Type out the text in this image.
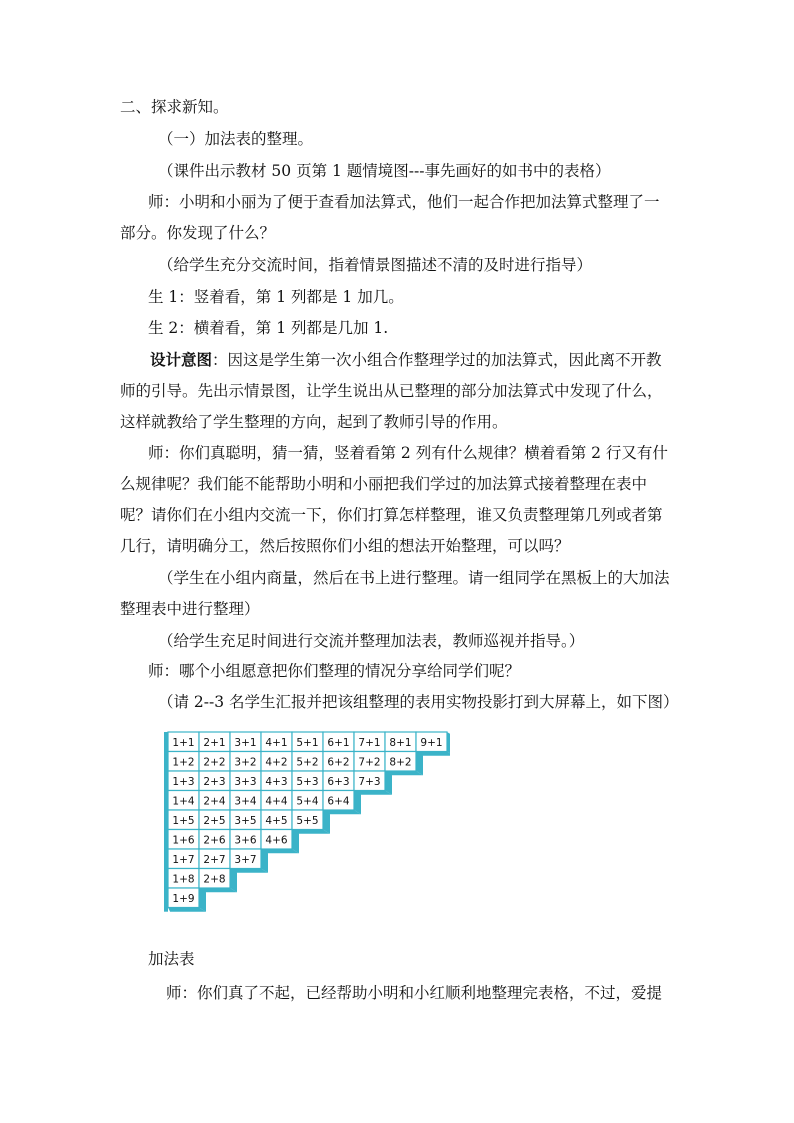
二、探求新知。
（一）加法表的整理。
（课件出示教材 50 页第 1 题情境图---事先画好的如书中的表格）
师：小明和小丽为了便于查看加法算式，他们一起合作把加法算式整理了一
部分。你发现了什么？
（给学生充分交流时间，指着情景图描述不清的及时进行指导）
生 1：竖着看，第 1 列都是 1 加几。
生 2：横着看，第 1 列都是几加 1.
设计意图：因这是学生第一次小组合作整理学过的加法算式，因此离不开教
师的引导。先出示情景图，让学生说出从已整理的部分加法算式中发现了什么，
这样就教给了学生整理的方向，起到了教师引导的作用。
师：你们真聪明，猜一猜，竖着看第 2 列有什么规律？横着看第 2 行又有什
么规律呢？我们能不能帮助小明和小丽把我们学过的加法算式接着整理在表中
呢？请你们在小组内交流一下，你们打算怎样整理，谁又负责整理第几列或者第
几行，请明确分工，然后按照你们小组的想法开始整理，可以吗？
（学生在小组内商量，然后在书上进行整理。请一组同学在黑板上的大加法
整理表中进行整理）
（给学生充足时间进行交流并整理加法表，教师巡视并指导。）
师：哪个小组愿意把你们整理的情况分享给同学们呢？
（请 2--3 名学生汇报并把该组整理的表用实物投影打到大屏幕上，如下图）
1+1 2+1 3+1 4+1 5+1 6+1 7+1 8+1 9+1
1+2 2+2 3+2 4+2 5+2 6+2 7+2 8+2
1+3 2+3 3+3 4+3 5+3 6+3 7+3
1+4 2+4 3+4 4+4 5+4 6+4
1+5 2+5 3+5 4+5 5+5
1+6 2+6 3+6 4+6
1+7 2+7 3+7
1+8 2+8
1+9
加法表
师：你们真了不起，已经帮助小明和小红顺利地整理完表格，不过，爱提
